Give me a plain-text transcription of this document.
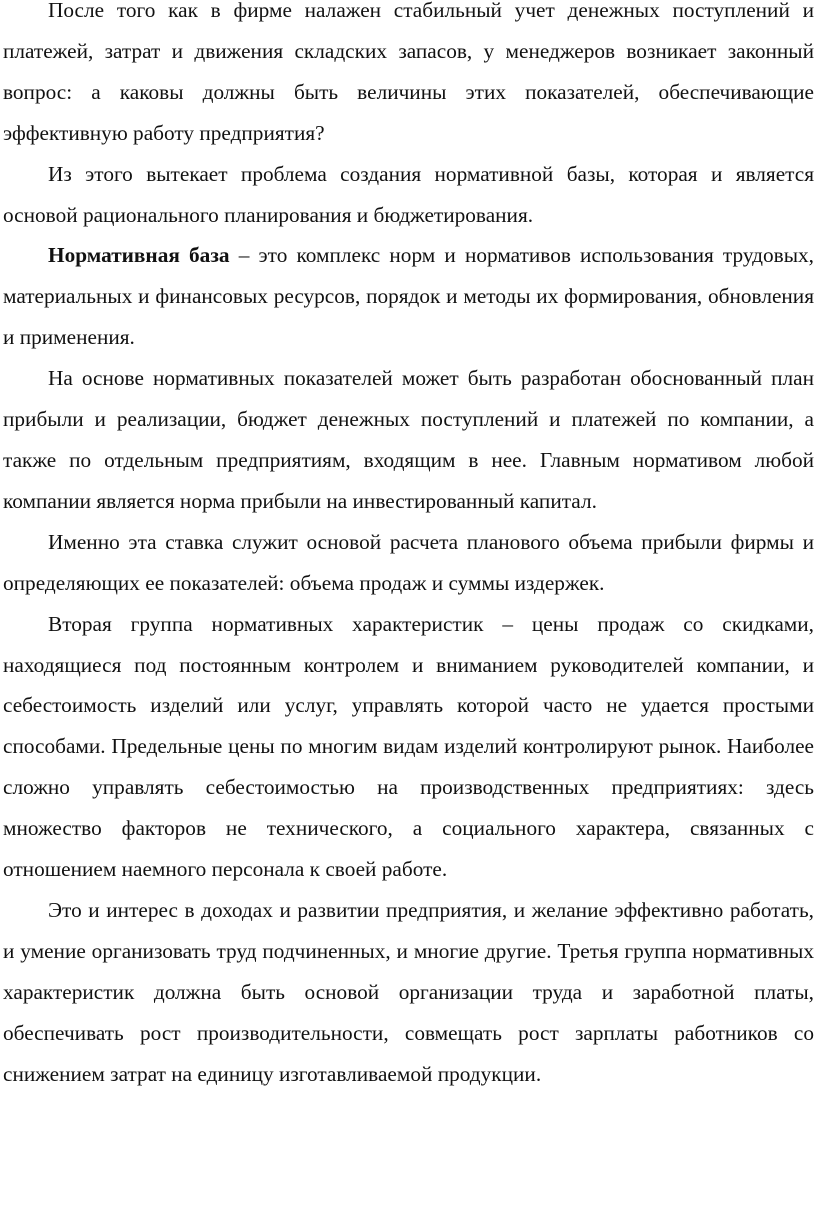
После того как в фирме налажен стабильный учет денежных поступлений и платежей, затрат и движения складских запасов, у менеджеров возникает законный вопрос: а каковы должны быть величины этих показателей, обеспечивающие эффективную работу предприятия?

Из этого вытекает проблема создания нормативной базы, которая и является основой рационального планирования и бюджетирования.

Нормативная база – это комплекс норм и нормативов использования трудовых, материальных и финансовых ресурсов, порядок и методы их формирования, обновления и применения.

На основе нормативных показателей может быть разработан обоснованный план прибыли и реализации, бюджет денежных поступлений и платежей по компании, а также по отдельным предприятиям, входящим в нее. Главным нормативом любой компании является норма прибыли на инвестированный капитал.

Именно эта ставка служит основой расчета планового объема прибыли фирмы и определяющих ее показателей: объема продаж и суммы издержек.

Вторая группа нормативных характеристик – цены продаж со скидками, находящиеся под постоянным контролем и вниманием руководителей компании, и себестоимость изделий или услуг, управлять которой часто не удается простыми способами. Предельные цены по многим видам изделий контролируют рынок. Наиболее сложно управлять себестоимостью на производственных предприятиях: здесь множество факторов не технического, а социального характера, связанных с отношением наемного персонала к своей работе.

Это и интерес в доходах и развитии предприятия, и желание эффективно работать, и умение организовать труд подчиненных, и многие другие. Третья группа нормативных характеристик должна быть основой организации труда и заработной платы, обеспечивать рост производительности, совмещать рост зарплаты работников со снижением затрат на единицу изготавливаемой продукции.
